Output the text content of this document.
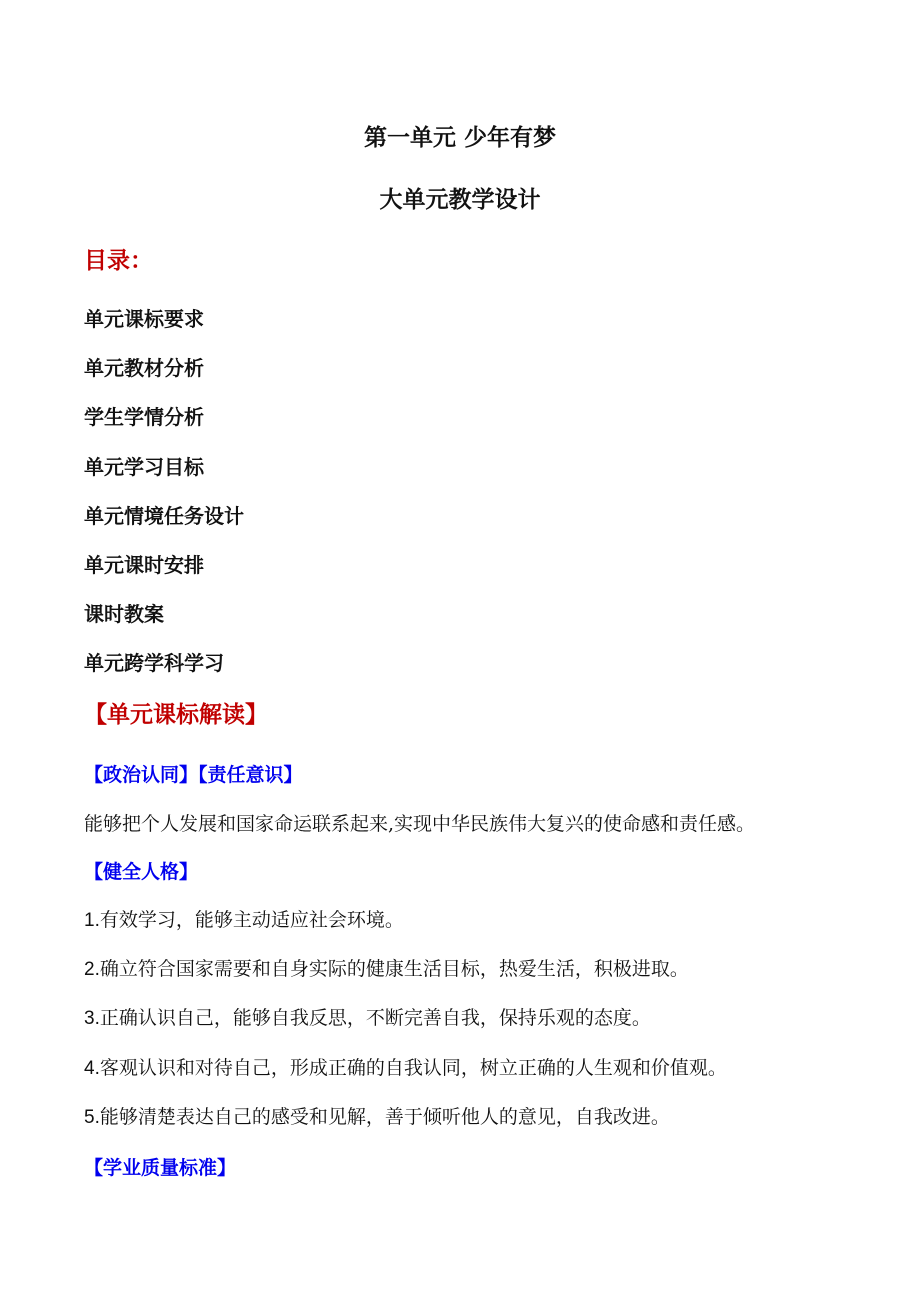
第一单元 少年有梦
大单元教学设计
目录：
单元课标要求
单元教材分析
学生学情分析
单元学习目标
单元情境任务设计
单元课时安排
课时教案
单元跨学科学习
【单元课标解读】
【政治认同】【责任意识】
能够把个人发展和国家命运联系起来,实现中华民族伟大复兴的使命感和责任感。
【健全人格】
1.有效学习，能够主动适应社会环境。
2.确立符合国家需要和自身实际的健康生活目标，热爱生活，积极进取。
3.正确认识自己，能够自我反思，不断完善自我，保持乐观的态度。
4.客观认识和对待自己，形成正确的自我认同，树立正确的人生观和价值观。
5.能够清楚表达自己的感受和见解，善于倾听他人的意见，自我改进。
【学业质量标准】
